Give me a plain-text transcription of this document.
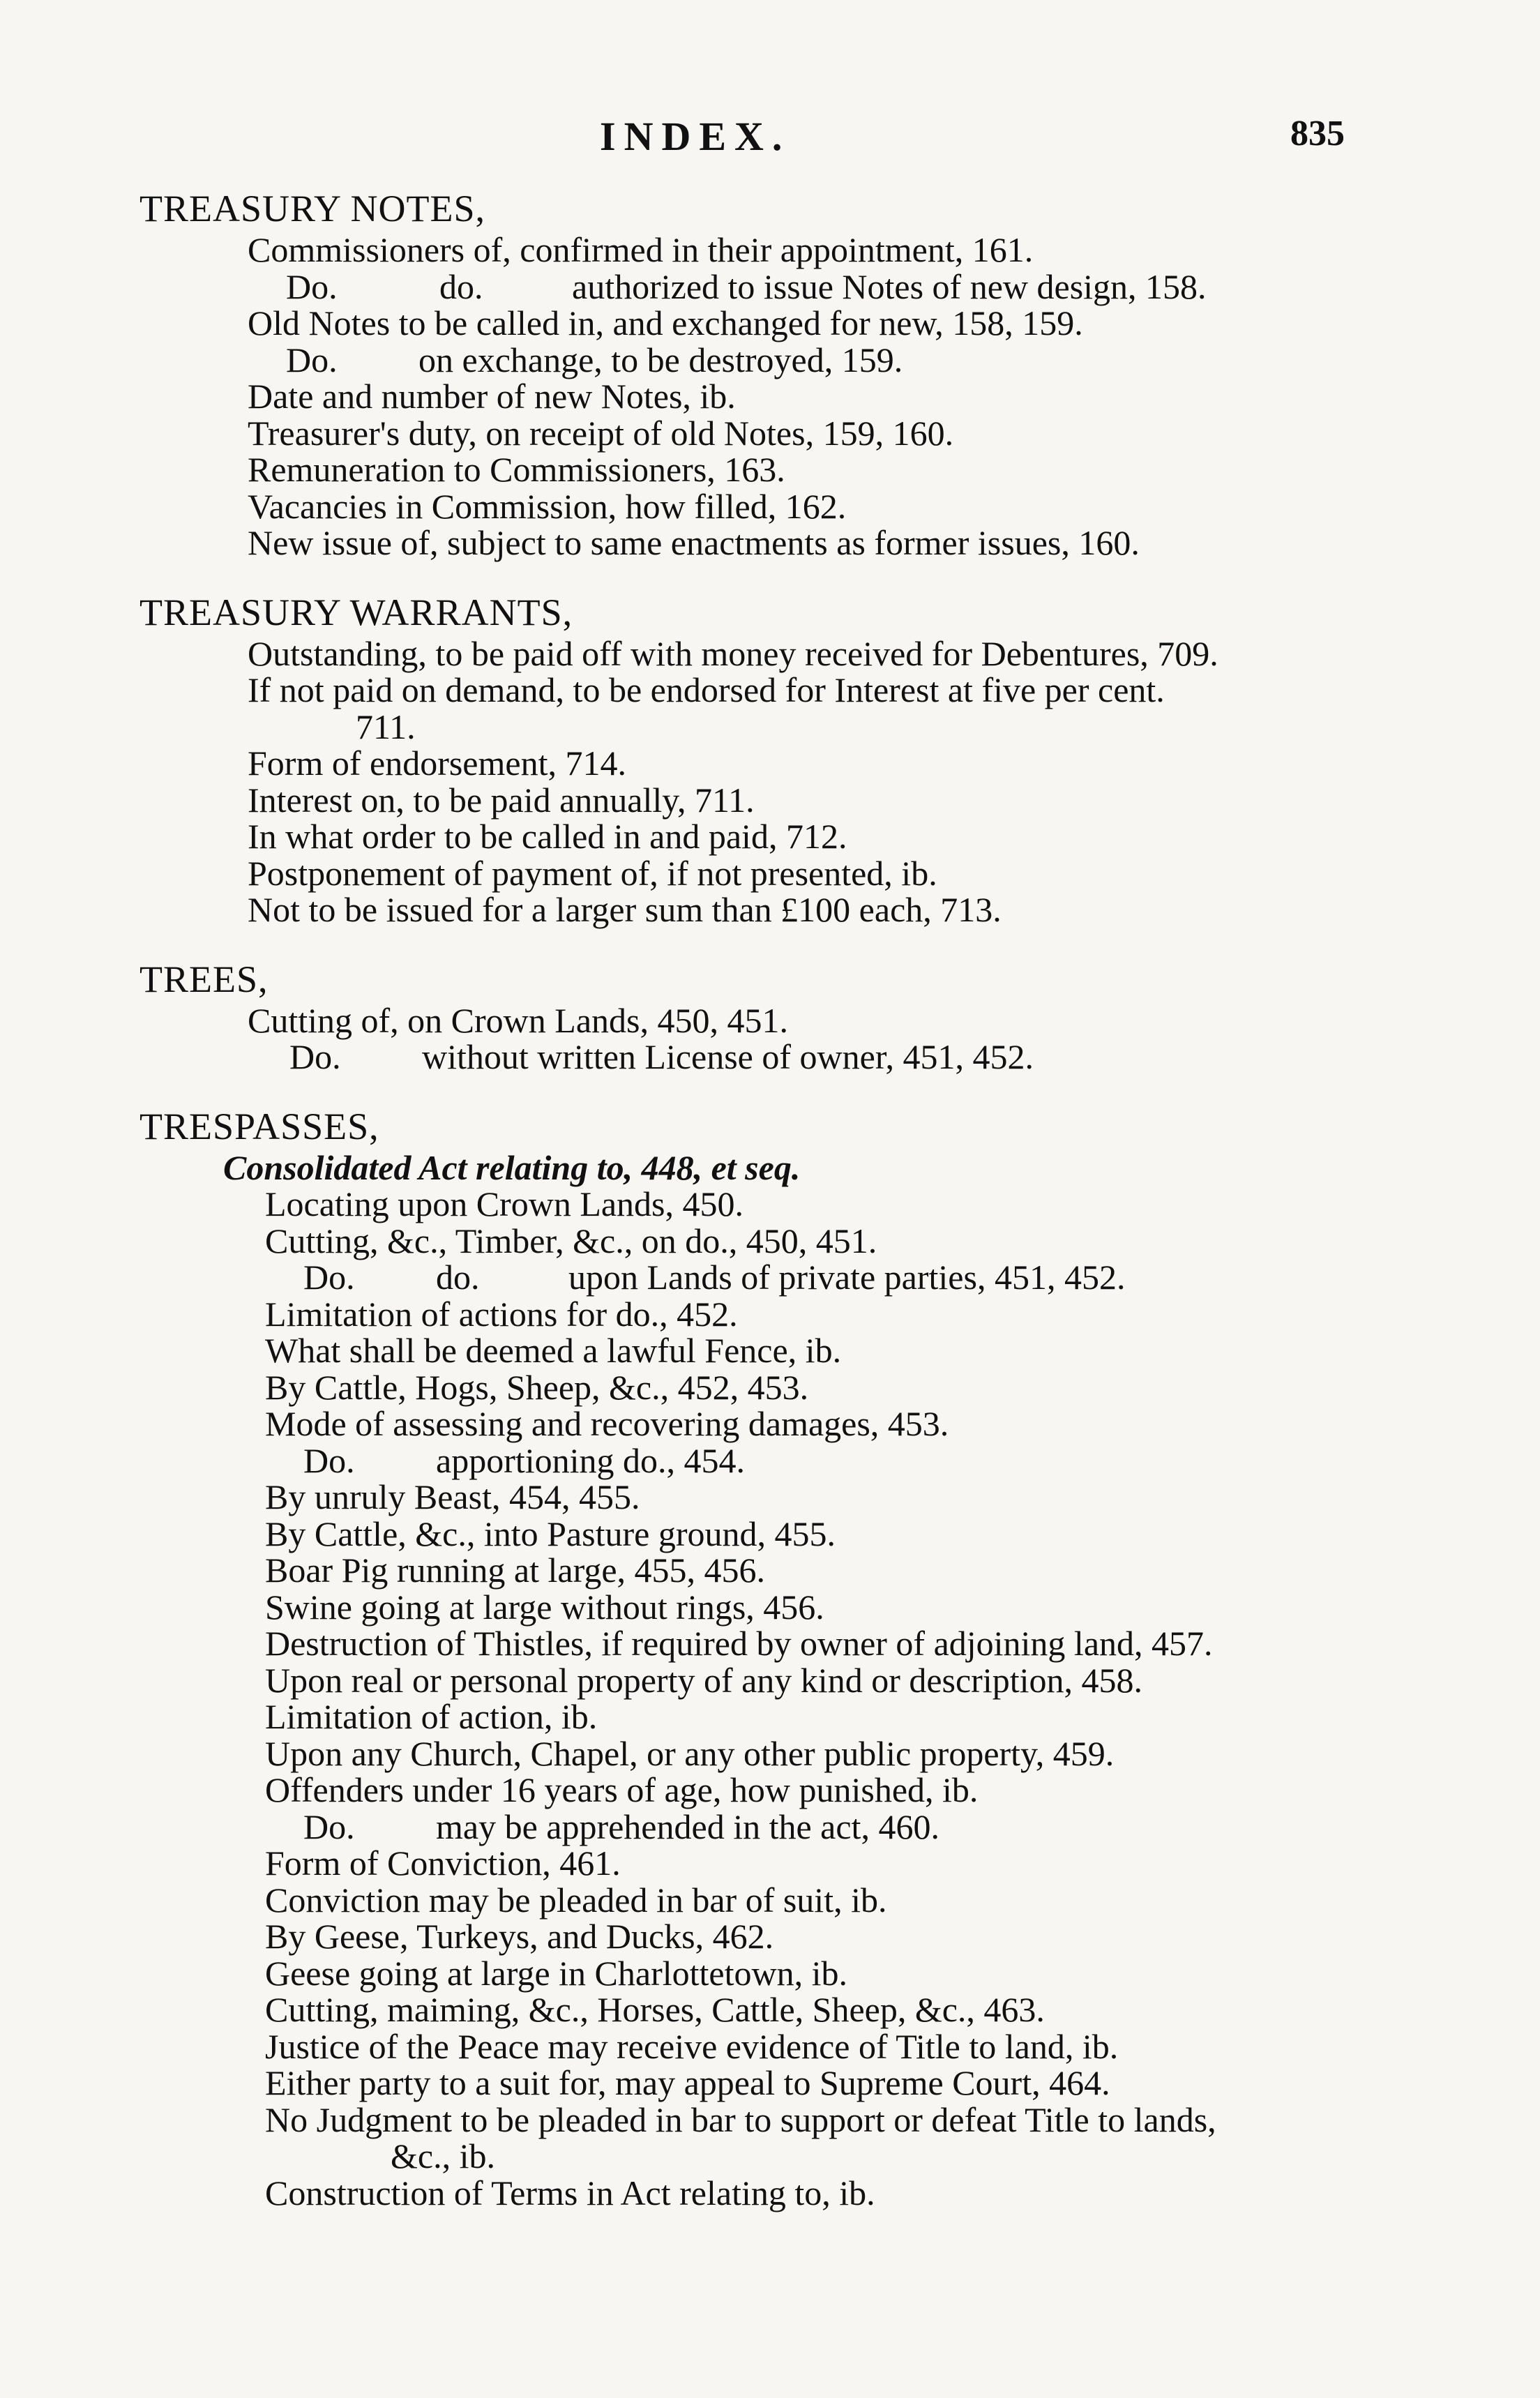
INDEX.	835
TREASURY NOTES,
Commissioners of, confirmed in their appointment, 161.
Do.	do.	authorized to issue Notes of new design, 158.
Old Notes to be called in, and exchanged for new, 158, 159.
Do. on exchange, to be destroyed, 159.
Date and number of new Notes, ib.
Treasurer's duty, on receipt of old Notes, 159, 160.
Remuneration to Commissioners, 163.
Vacancies in Commission, how filled, 162.
New issue of, subject to same enactments as former issues, 160.
TREASURY WARRANTS,
Outstanding, to be paid off with money received for Debentures, 709.
If not paid on demand, to be endorsed for Interest at five per cent.
711.
Form of endorsement, 714.
Interest on, to be paid annually, 711.
In what order to be called in and paid, 712.
Postponement of payment of, if not presented, ib.
Not to be issued for a larger sum than £100 each, 713.
TREES,
Cutting of, on Crown Lands, 450, 451.
Do. without written License of owner, 451, 452.
TRESPASSES,
Consolidated Act relating to, 448, et seq.
Locating upon Crown Lands, 450.
Cutting, &c., Timber, &c., on do., 450, 451.
Do. do.	upon Lands of private parties, 451, 452.
Limitation of actions for do., 452.
What shall be deemed a lawful Fence, ib.
By Cattle, Hogs, Sheep, &c., 452, 453.
Mode of assessing and recovering damages, 453.
Do. apportioning do., 454.
By unruly Beast, 454, 455.
By Cattle, &c., into Pasture ground, 455.
Boar Pig running at large, 455, 456.
Swine going at large without rings, 456.
Destruction of Thistles, if required by owner of adjoining land, 457.
Upon real or personal property of any kind or description, 458.
Limitation of action, ib.
Upon any Church, Chapel, or any other public property, 459.
Offenders under 16 years of age, how punished, ib.
Do. may be apprehended in the act, 460.
Form of Conviction, 461.
Conviction may be pleaded in bar of suit, ib.
By Geese, Turkeys, and Ducks, 462.
Geese going at large in Charlottetown, ib.
Cutting, maiming, &c., Horses, Cattle, Sheep, &c., 463.
Justice of the Peace may receive evidence of Title to land, ib.
Either party to a suit for, may appeal to Supreme Court, 464.
No Judgment to be pleaded in bar to support or defeat Title to lands,
&c., ib.
Construction of Terms in Act relating to, ib.
